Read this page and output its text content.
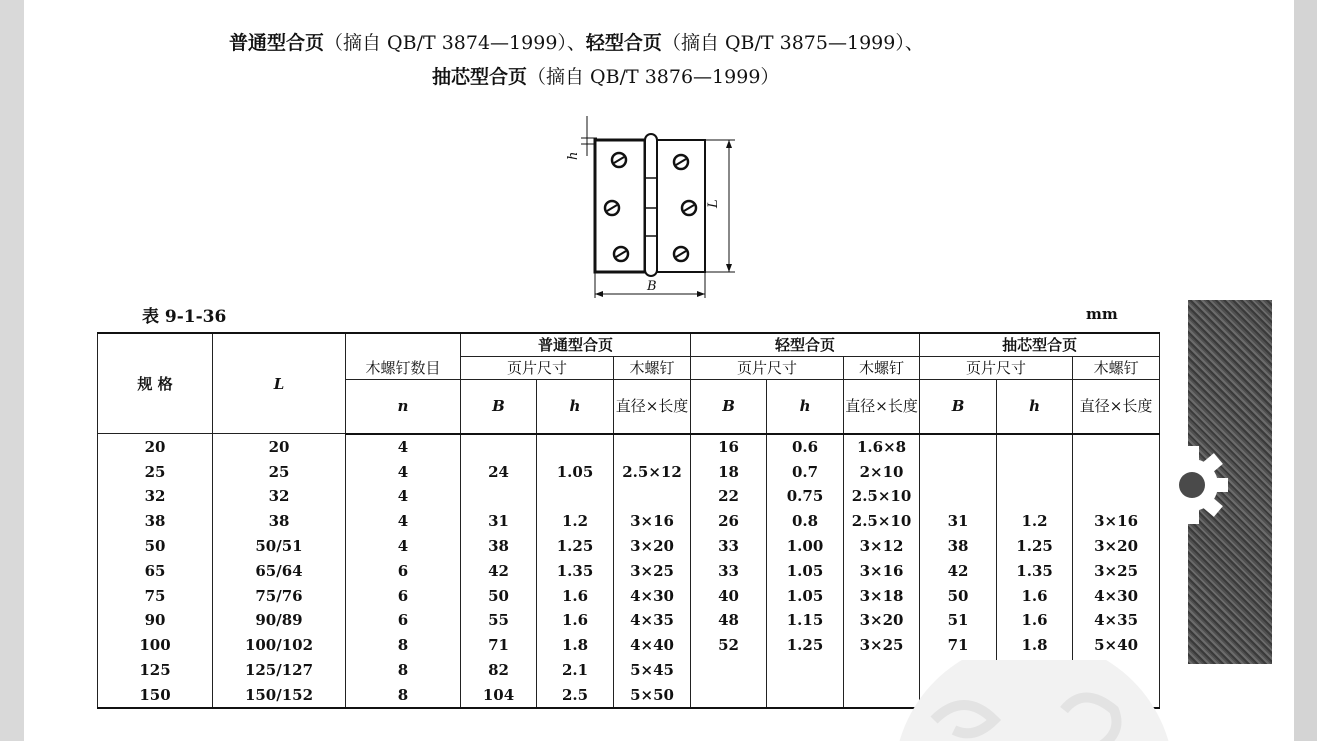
普通型合页（摘自 QB/T 3874—1999）、轻型合页（摘自 QB/T 3875—1999）、
抽芯型合页（摘自 QB/T 3876—1999）
h
L
B
表 9-1-36	mm
规 格	L	木螺钉数目	普通型合页			轻型合页			抽芯型合页		
			页片尺寸		木螺钉	页片尺寸		木螺钉	页片尺寸		木螺钉
		n	B	h	直径×长度	B	h	直径×长度	B	h	直径×长度
20	20	4				16	0.6	1.6×8			
25	25	4	24	1.05	2.5×12	18	0.7	2×10			
32	32	4				22	0.75	2.5×10			
38	38	4	31	1.2	3×16	26	0.8	2.5×10	31	1.2	3×16
50	50/51	4	38	1.25	3×20	33	1.00	3×12	38	1.25	3×20
65	65/64	6	42	1.35	3×25	33	1.05	3×16	42	1.35	3×25
75	75/76	6	50	1.6	4×30	40	1.05	3×18	50	1.6	4×30
90	90/89	6	55	1.6	4×35	48	1.15	3×20	51	1.6	4×35
100	100/102	8	71	1.8	4×40	52	1.25	3×25	71	1.8	5×40
125	125/127	8	82	2.1	5×45						
150	150/152	8	104	2.5	5×50						
